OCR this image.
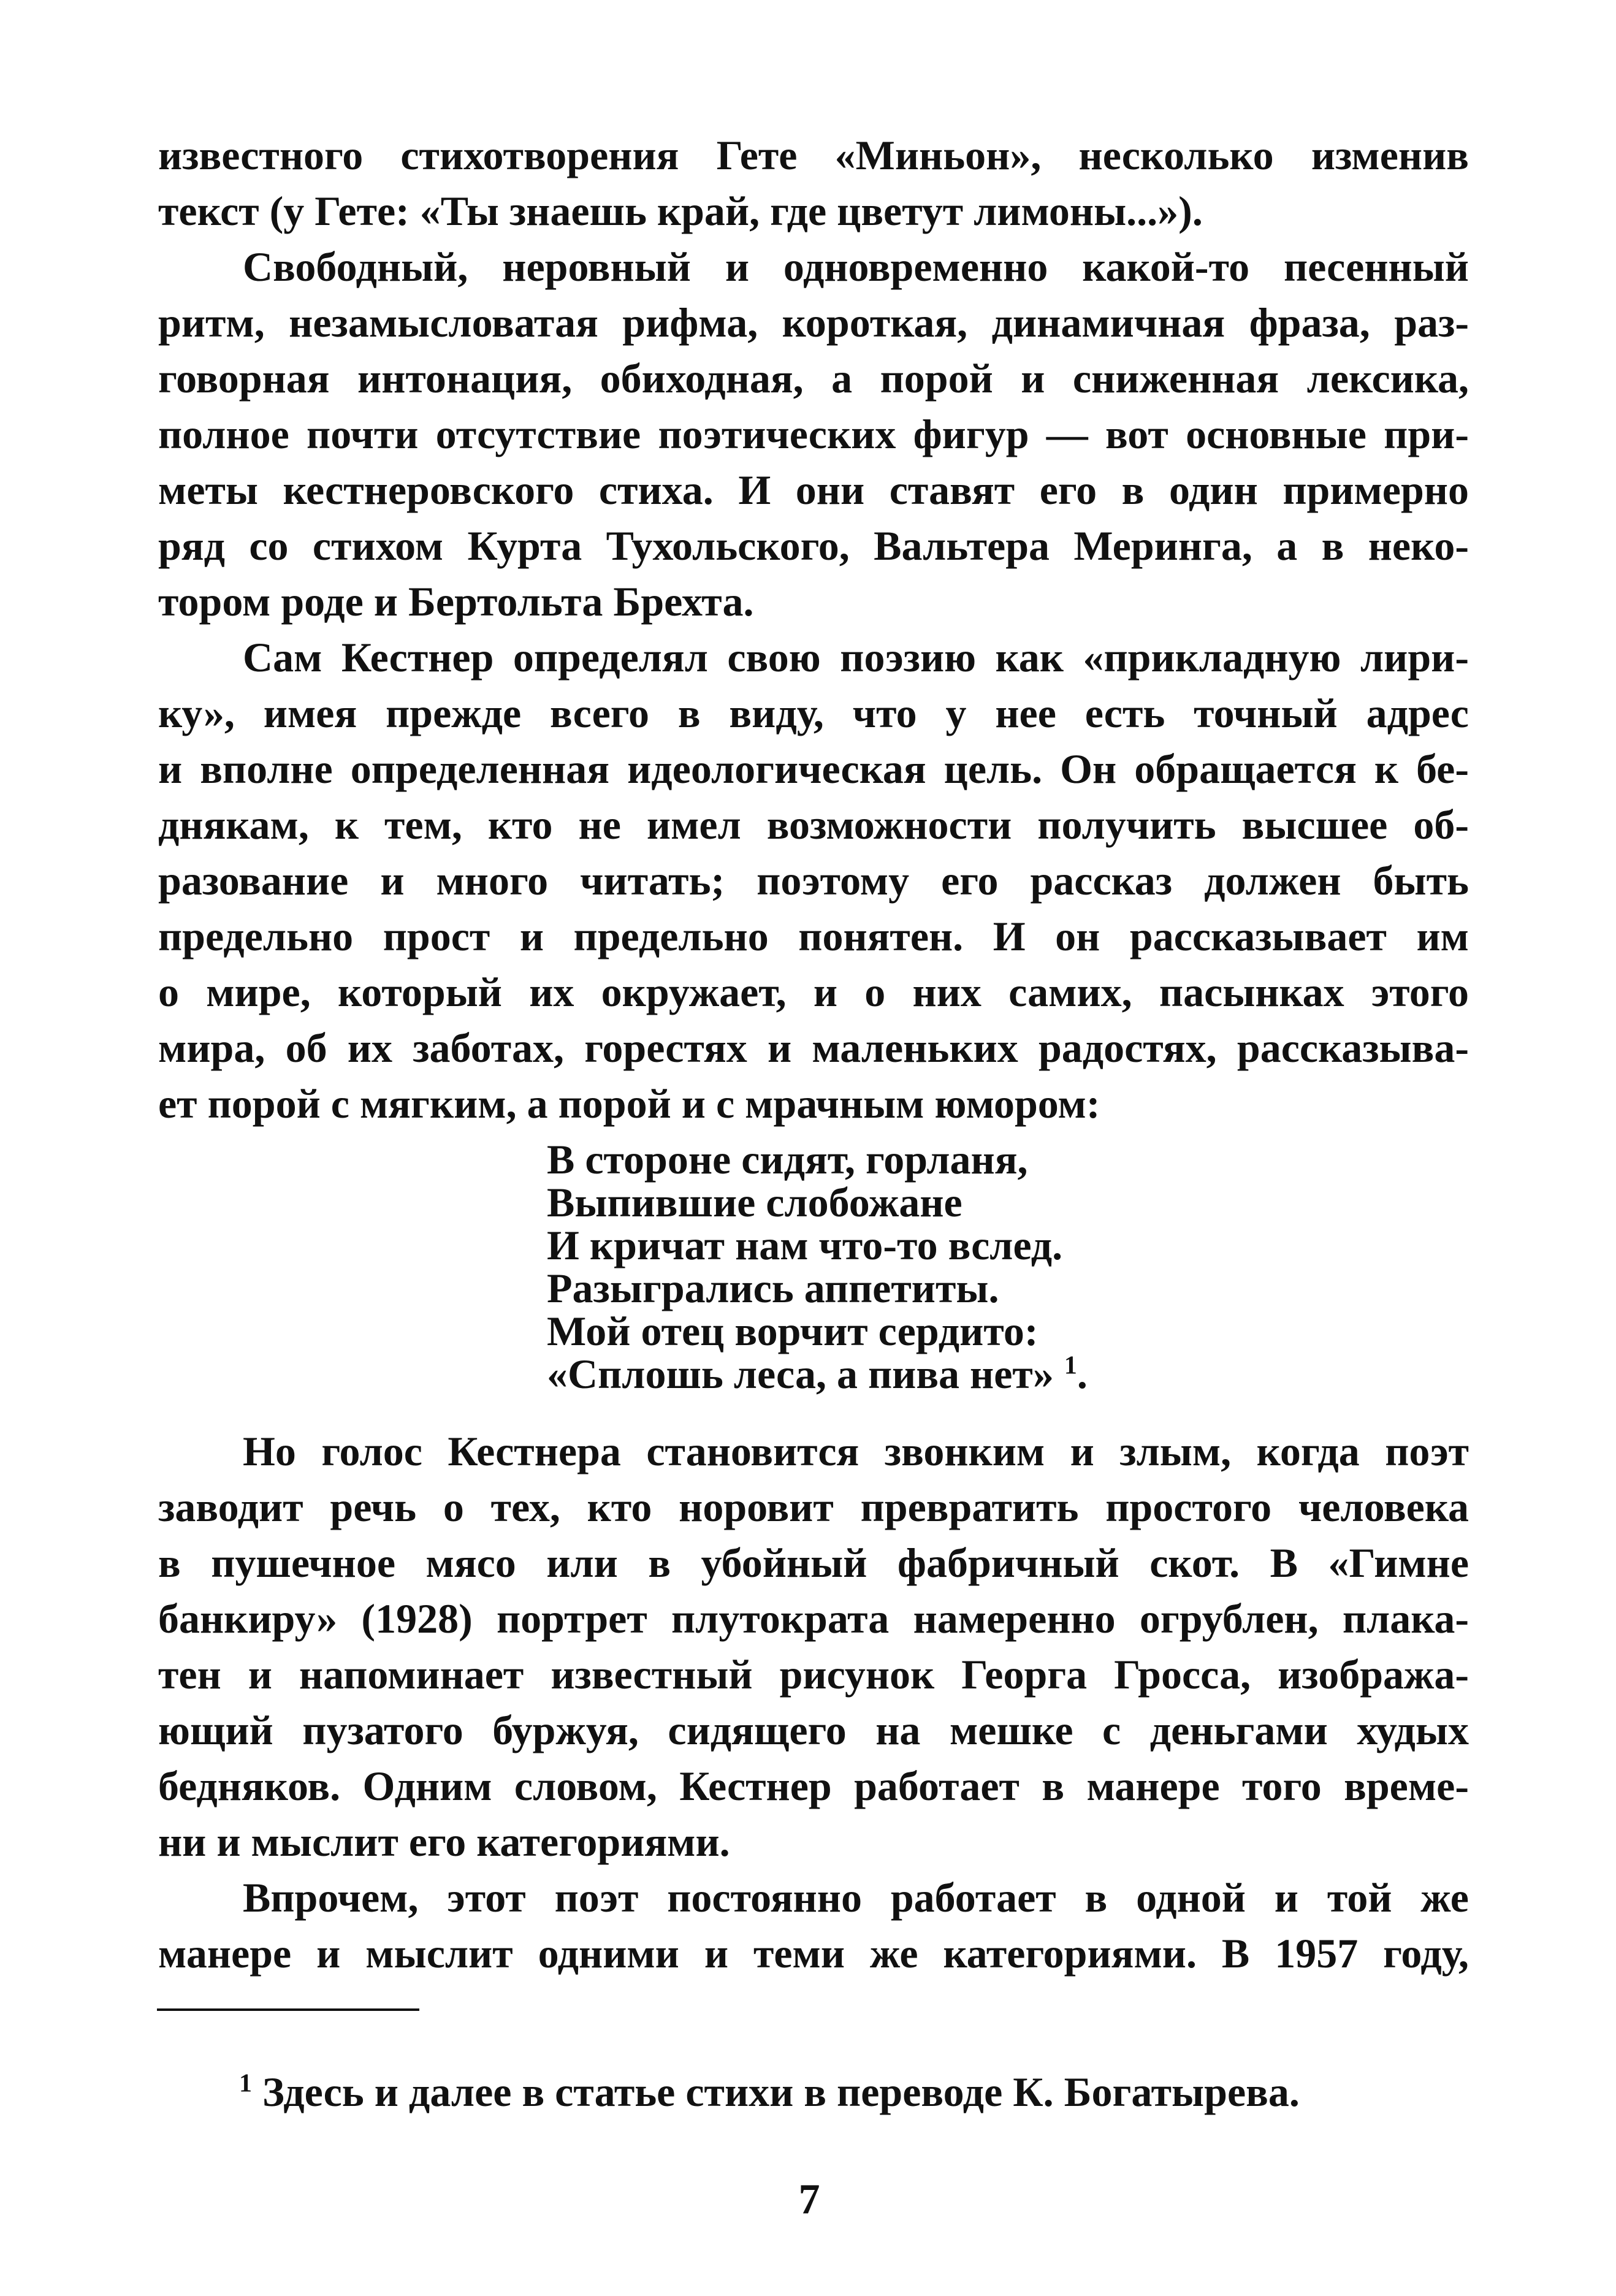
известного стихотворения Гете «Миньон», несколько изменив
текст (у Гете: «Ты знаешь край, где цветут лимоны...»).
Свободный, неровный и одновременно какой-то песенный
ритм, незамысловатая рифма, короткая, динамичная фраза, раз-
говорная интонация, обиходная, а порой и сниженная лексика,
полное почти отсутствие поэтических фигур — вот основные при-
меты кестнеровского стиха. И они ставят его в один примерно
ряд со стихом Курта Тухольского, Вальтера Меринга, а в неко-
тором роде и Бертольта Брехта.
Сам Кестнер определял свою поэзию как «прикладную лири-
ку», имея прежде всего в виду, что у нее есть точный адрес
и вполне определенная идеологическая цель. Он обращается к бе-
днякам, к тем, кто не имел возможности получить высшее об-
разование и много читать; поэтому его рассказ должен быть
предельно прост и предельно понятен. И он рассказывает им
о мире, который их окружает, и о них самих, пасынках этого
мира, об их заботах, горестях и маленьких радостях, рассказыва-
ет порой с мягким, а порой и с мрачным юмором:
В стороне сидят, горланя,
Выпившие слобожане
И кричат нам что-то вслед.
Разыгрались аппетиты.
Мой отец ворчит сердито:
«Сплошь леса, а пива нет» $^1$.
Но голос Кестнера становится звонким и злым, когда поэт
заводит речь о тех, кто норовит превратить простого человека
в пушечное мясо или в убойный фабричный скот. В «Гимне
банкиру» (1928) портрет плутократа намеренно огрублен, плака-
тен и напоминает известный рисунок Георга Гросса, изобража-
ющий пузатого буржуя, сидящего на мешке с деньгами худых
бедняков. Одним словом, Кестнер работает в манере того време-
ни и мыслит его категориями.
Впрочем, этот поэт постоянно работает в одной и той же
манере и мыслит одними и теми же категориями. В 1957 году,
$^1$ Здесь и далее в статье стихи в переводе К. Богатырева.
7
